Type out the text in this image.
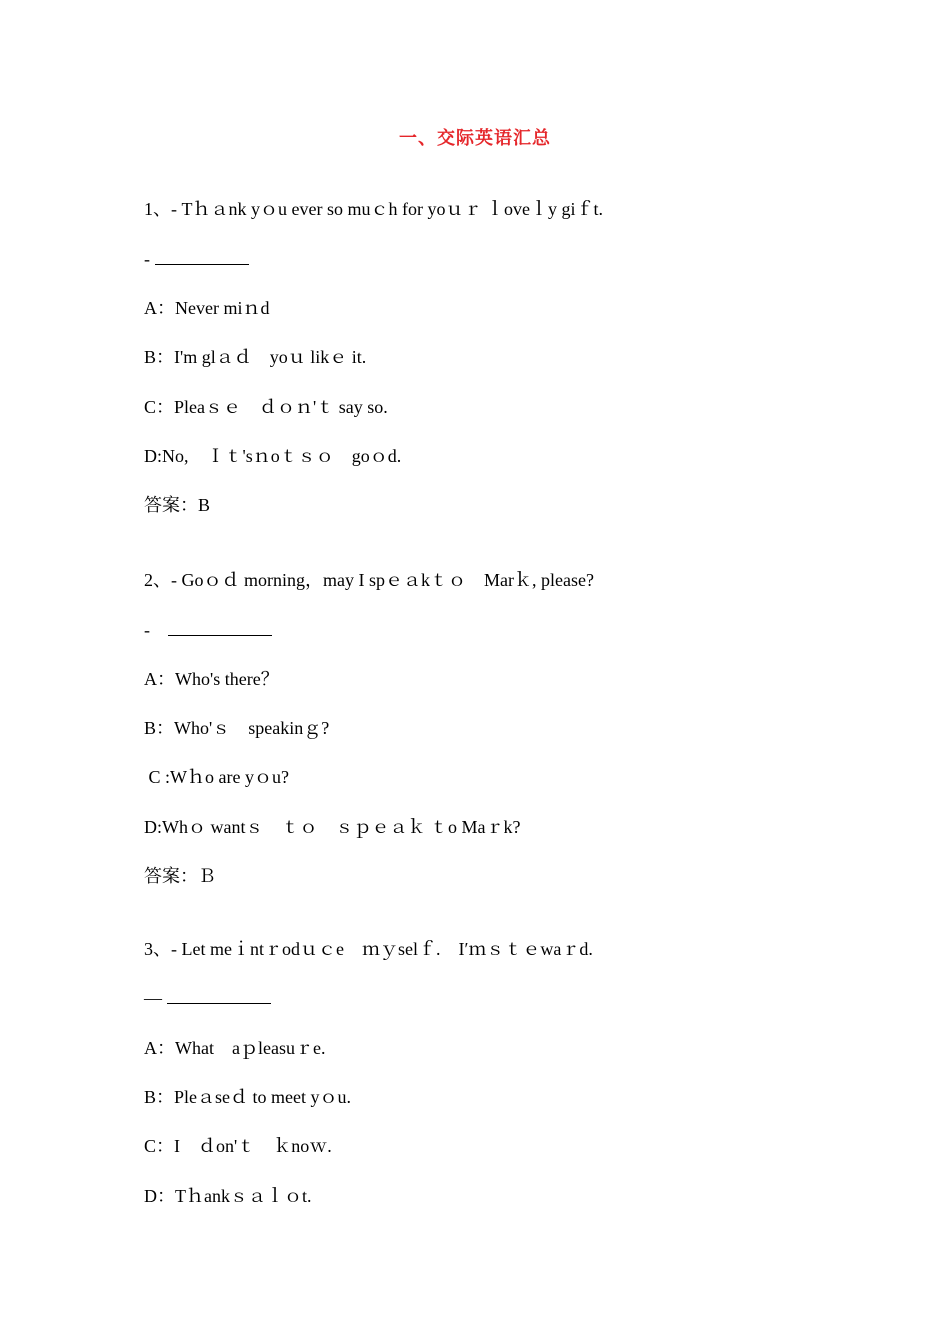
一、交际英语汇总
1、- Tｈａnk yｏu ever so muｃh for yoｕｒ ｌoveｌy giｆt.
-
A：Never miｎd
B：I'm glａｄ　yoｕ likｅ it.
C：Pleaｓｅ　ｄｏｎ'ｔ say so.
D:No,　Ｉｔ'sｎoｔｓｏ　goｏd.
答案：B
2、- Goｏｄ morning，may I spｅａkｔｏ　Marｋ, please?
-　
A：Who's there？
B：Who'ｓ　speakinｇ?
C :Wｈo are yｏu?
D:Whｏ wantｓ　ｔｏ　ｓｐｅａｋ ｔo Maｒk?
答案：Ｂ
3、- Let meｉntｒodｕｃe　ｍｙselｆ.　I′ｍｓｔｅwaｒd.
—
A：What　aｐleasuｒe.
B：Pleａseｄ to meet yｏu.
C：I　ｄon'ｔ　ｋnoｗ.
D：Tｈankｓａｌｏt.
